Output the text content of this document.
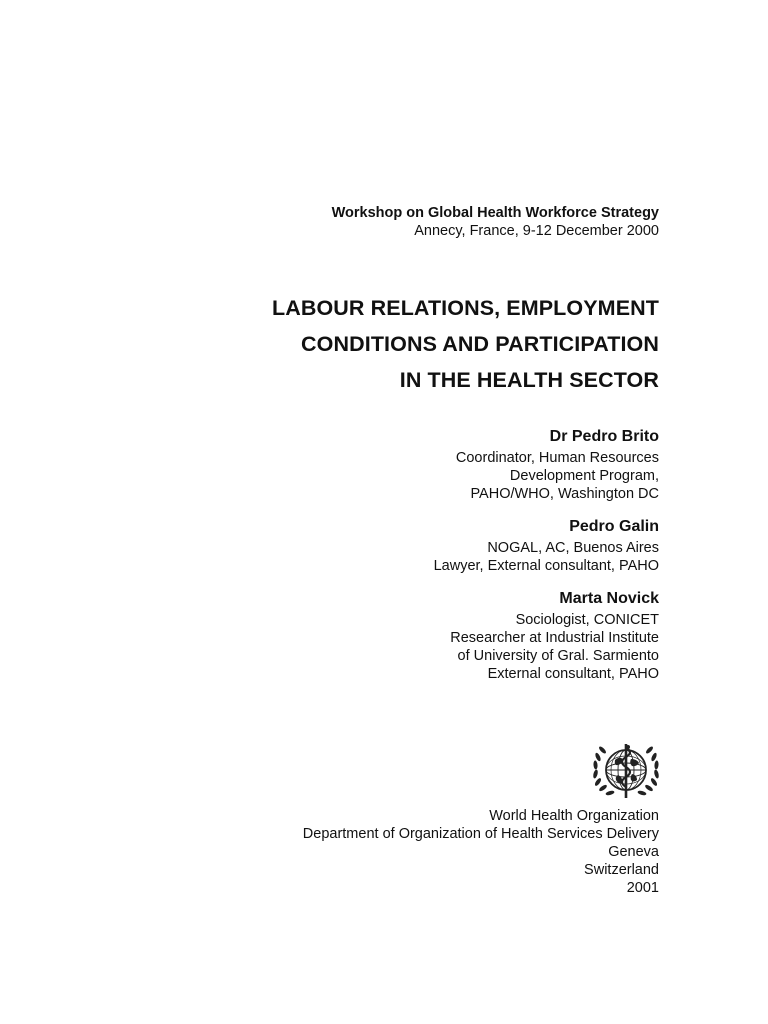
Workshop on Global Health Workforce Strategy
Annecy, France, 9-12 December 2000
LABOUR RELATIONS, EMPLOYMENT
CONDITIONS AND PARTICIPATION
IN THE HEALTH SECTOR
Dr Pedro Brito
Coordinator, Human Resources
Development Program,
PAHO/WHO, Washington DC
Pedro Galin
NOGAL, AC, Buenos Aires
Lawyer, External consultant, PAHO
Marta Novick
Sociologist, CONICET
Researcher at Industrial Institute
of University of Gral. Sarmiento
External consultant, PAHO
World Health Organization
Department of Organization of Health Services Delivery
Geneva
Switzerland
2001
